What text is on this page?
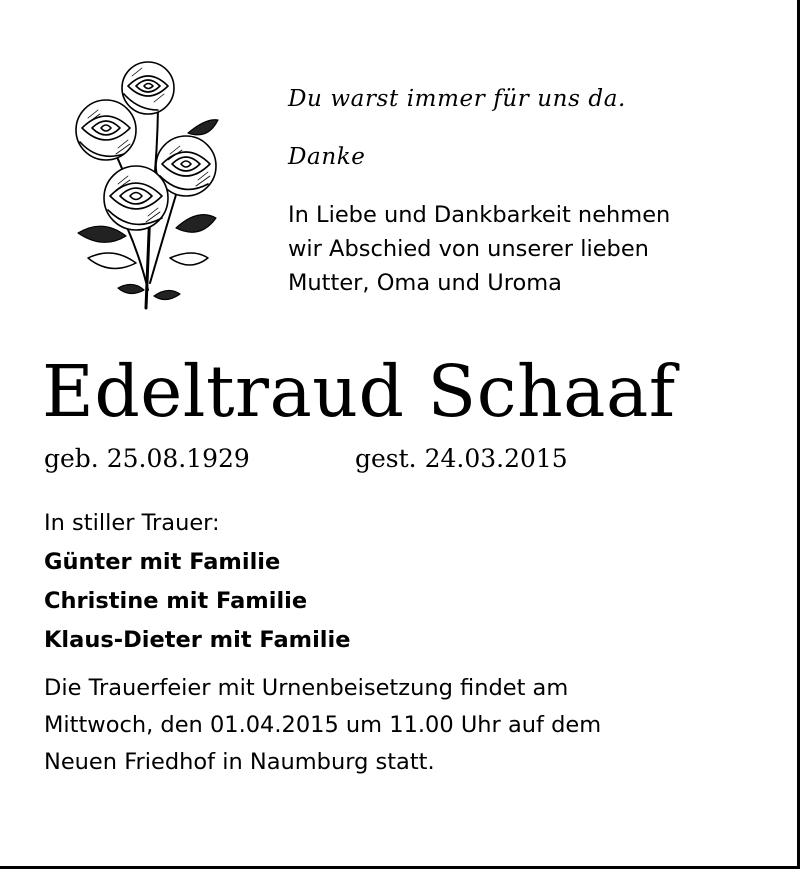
Du warst immer für uns da.
Danke
In Liebe und Dankbarkeit nehmen
wir Abschied von unserer lieben
Mutter, Oma und Uroma
Edeltraud Schaaf
geb. 25.08.1929	gest. 24.03.2015
In stiller Trauer:
Günter mit Familie
Christine mit Familie
Klaus-Dieter mit Familie
Die Trauerfeier mit Urnenbeisetzung findet am
Mittwoch, den 01.04.2015 um 11.00 Uhr auf dem
Neuen Friedhof in Naumburg statt.
